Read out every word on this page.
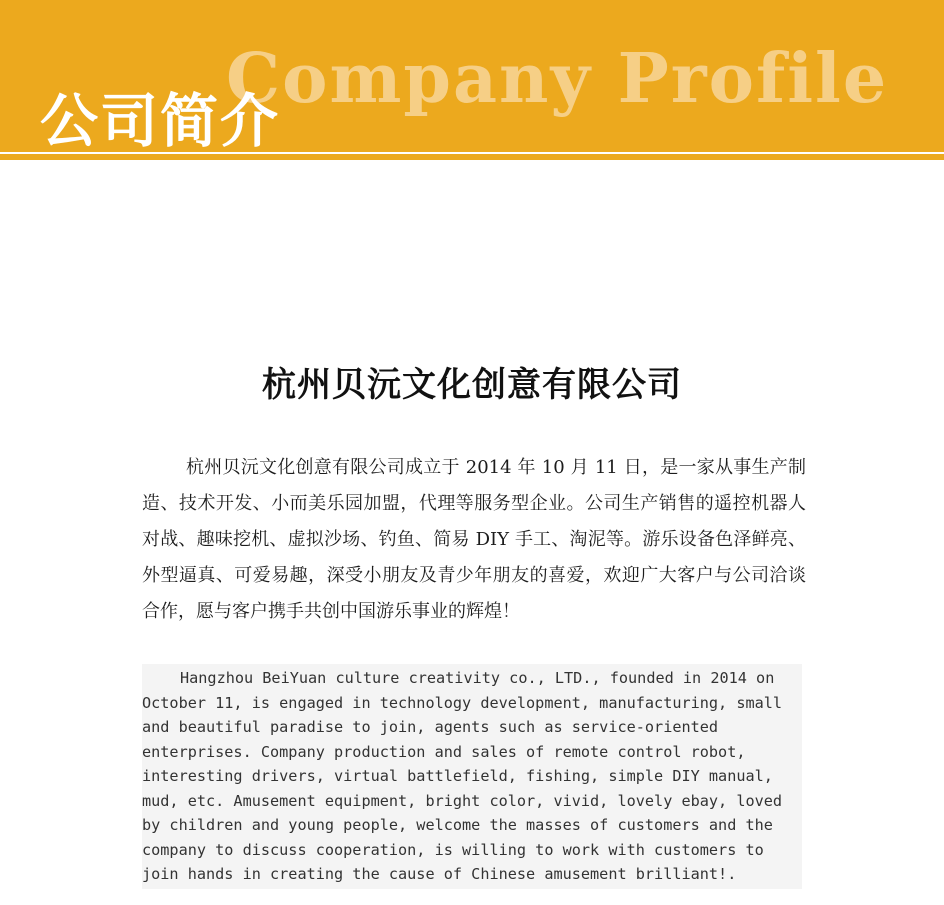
Company Profile
公司简介
杭州贝沅文化创意有限公司

杭州贝沅文化创意有限公司成立于 2014 年 10 月 11 日，是一家从事生产制造、技术开发、小而美乐园加盟，代理等服务型企业。公司生产销售的遥控机器人对战、趣味挖机、虚拟沙场、钓鱼、简易 DIY 手工、淘泥等。游乐设备色泽鲜亮、外型逼真、可爱易趣，深受小朋友及青少年朋友的喜爱，欢迎广大客户与公司洽谈合作，愿与客户携手共创中国游乐事业的辉煌！

Hangzhou BeiYuan culture creativity co., LTD., founded in 2014 on October 11, is engaged in technology development, manufacturing, small and beautiful paradise to join, agents such as service-oriented enterprises. Company production and sales of remote control robot, interesting drivers, virtual battlefield, fishing, simple DIY manual, mud, etc. Amusement equipment, bright color, vivid, lovely ebay, loved by children and young people, welcome the masses of customers and the company to discuss cooperation, is willing to work with customers to join hands in creating the cause of Chinese amusement brilliant!.
